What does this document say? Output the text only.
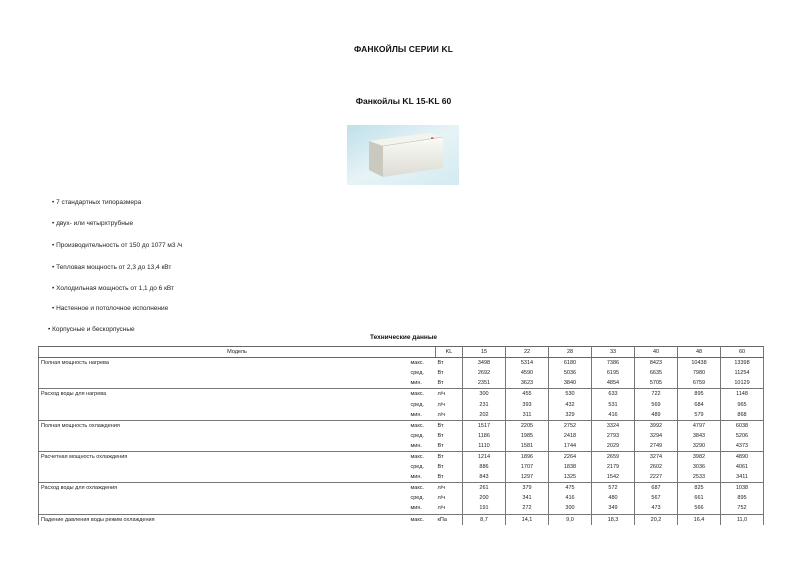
ФАНКОЙЛЫ СЕРИИ KL
Фанкойлы KL 15-KL 60
• 7 стандартных типоразмера
• двух- или четырхтрубные
• Производительность от 150 до 1077 м3 /ч
• Тепловая мощность от 2,3 до 13,4 кВт
• Холодильная мощность от 1,1 до 6 кВт
• Настенное и потолочное исполнение
• Корпусные и бескорпусные
Технические данные
Модель		KL	15	22	28	33	40	48	60
Полная мощность нагрева	макс.	Вт	3498	5314	6180	7386	8423	10438	13398
	сред.	Вт	2692	4590	5036	6195	6635	7980	11254
	мин.	Вт	2351	3623	3840	4854	5705	6759	10129
Расход воды для нагрева	макс.	л/ч	300	455	530	633	722	895	1148
	сред.	л/ч	231	393	432	531	569	684	965
	мин.	л/ч	202	311	329	416	489	579	868
Полная мощность охлаждения	макс.	Вт	1517	2205	2752	3324	3992	4797	6038
	сред.	Вт	1186	1985	2418	2793	3294	3843	5206
	мин.	Вт	1110	1581	1744	2029	2749	3290	4373
Расчетная мощность охлаждения	макс.	Вт	1214	1896	2264	2659	3274	3982	4890
	сред.	Вт	886	1707	1838	2179	2602	3036	4061
	мин.	Вт	843	1297	1325	1542	2227	2533	3411
Расход воды для охлаждения	макс.	л/ч	261	379	475	572	687	825	1038
	сред.	л/ч	200	341	416	480	567	661	895
	мин.	л/ч	191	272	300	349	473	566	752
Падение давления воды режим охлаждения	макс.	кПа	8,7	14,1	9,0	18,3	20,2	16,4	11,0
